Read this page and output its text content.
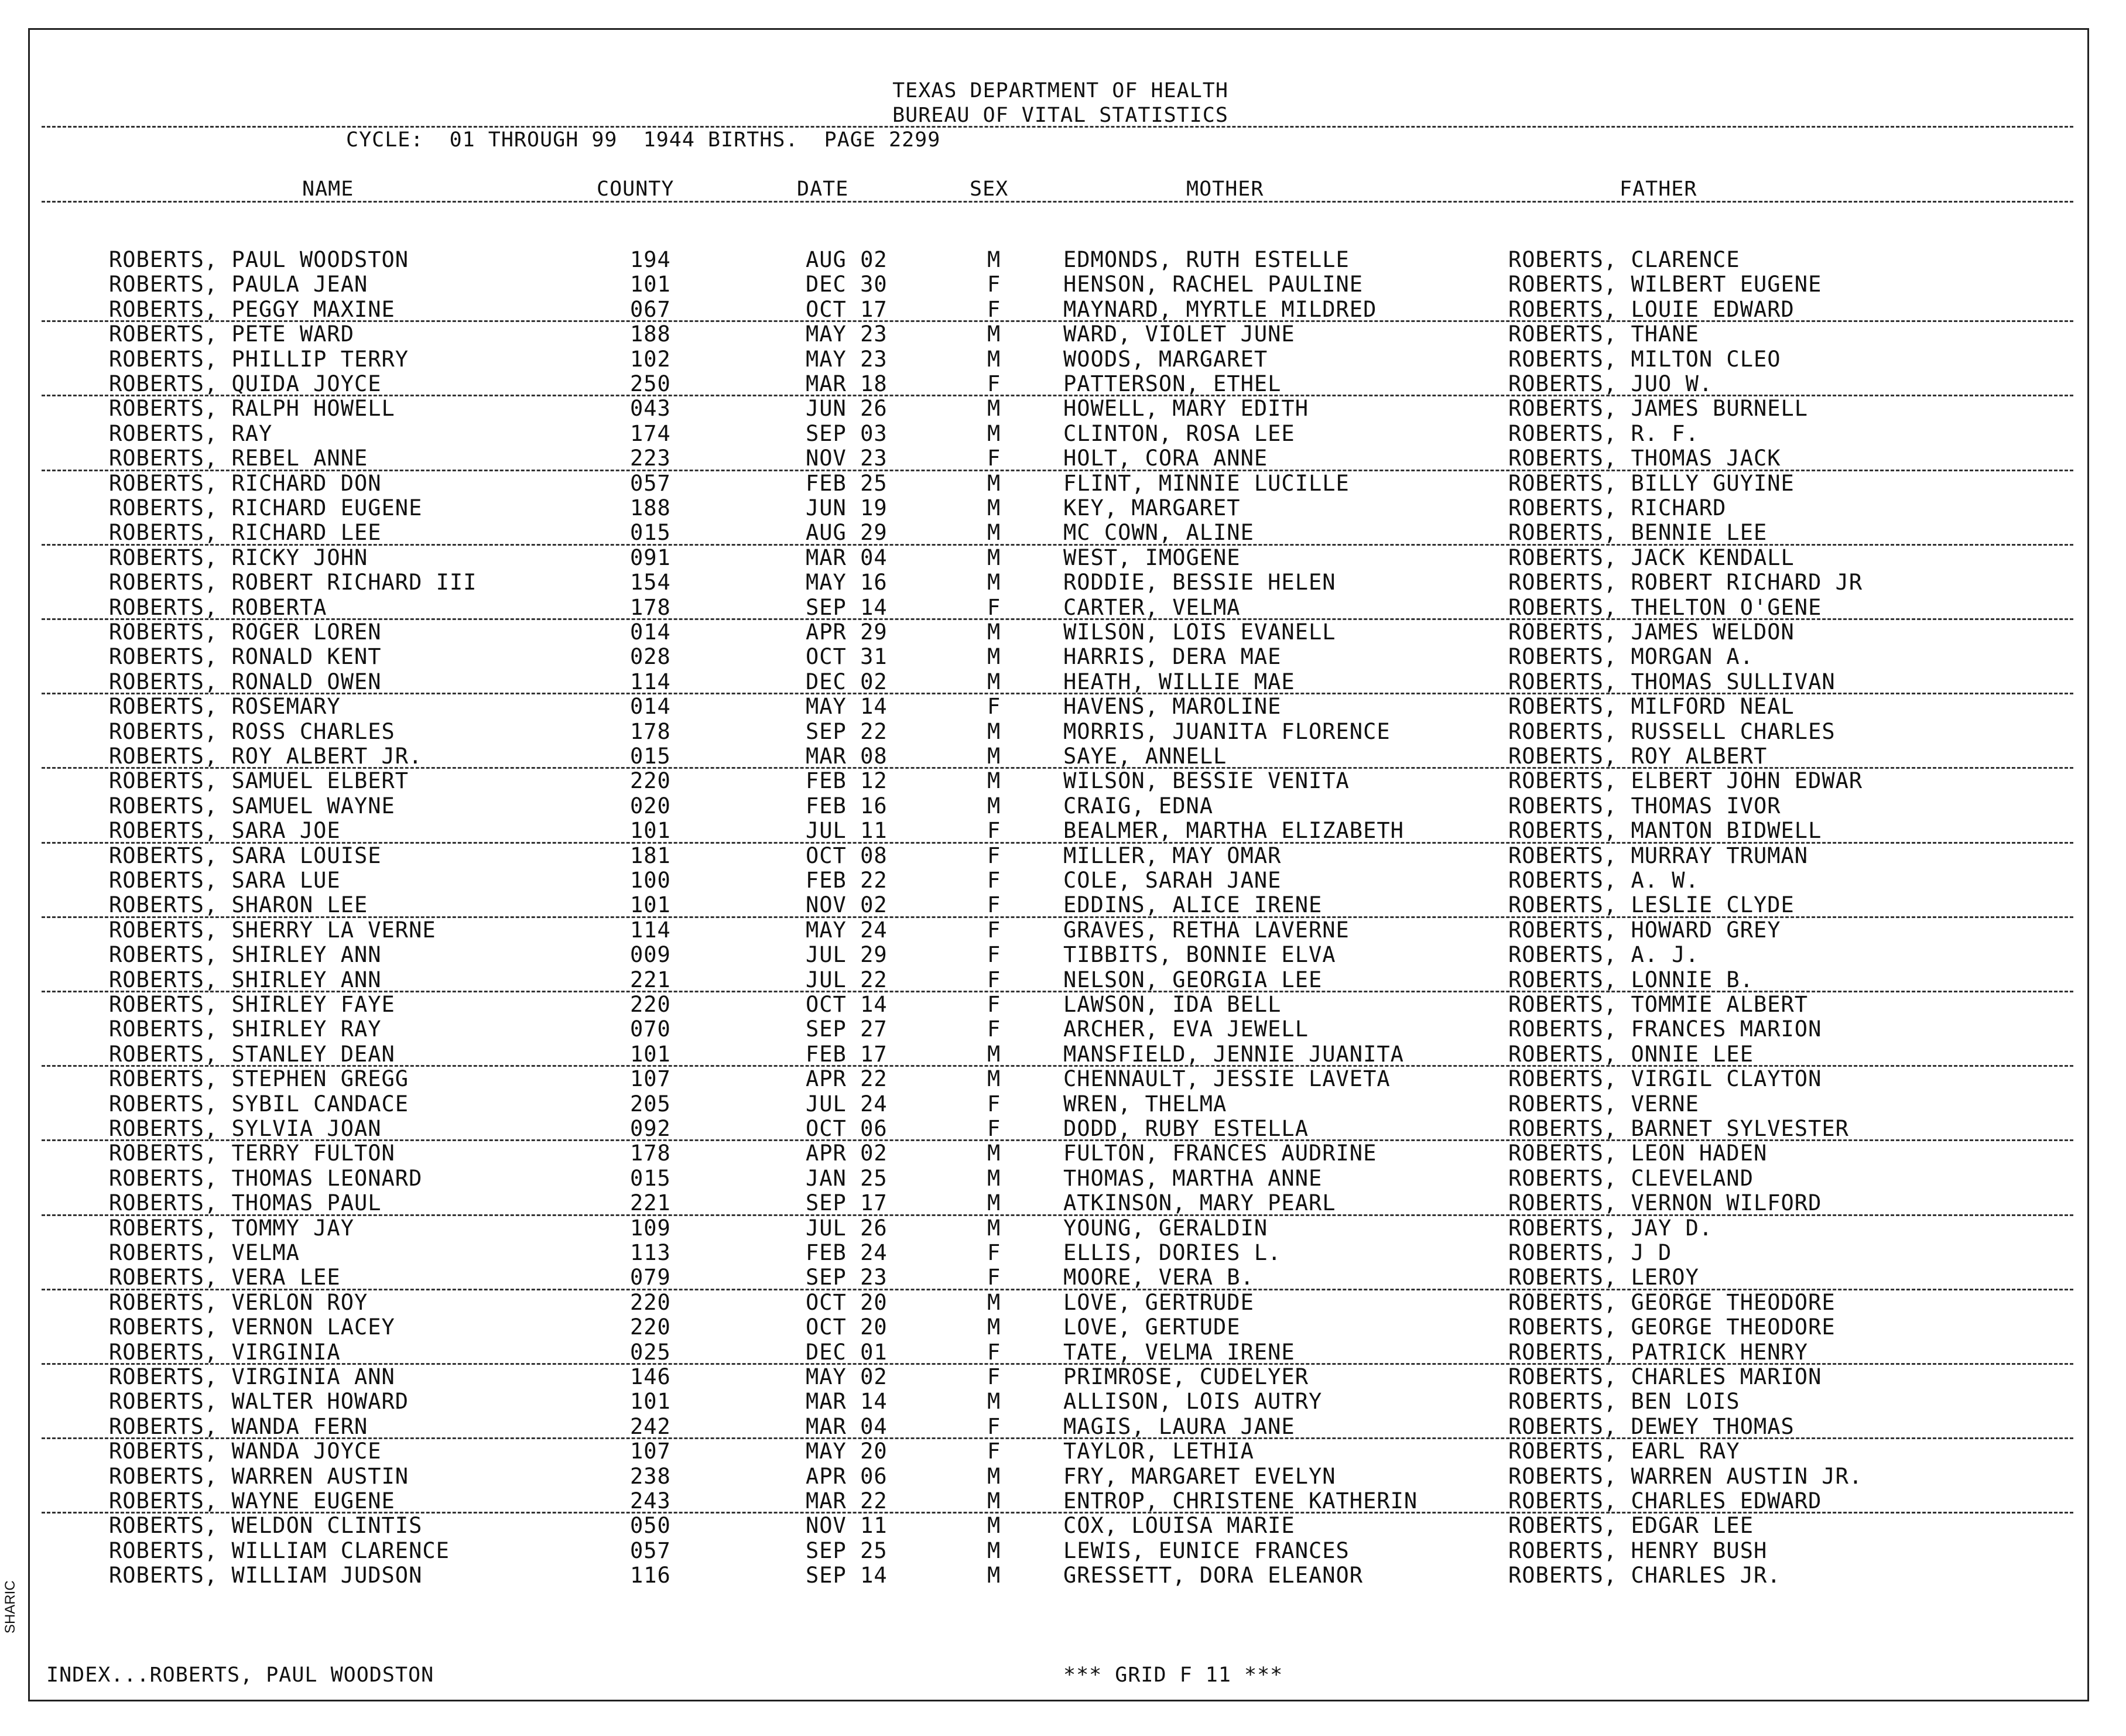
TEXAS DEPARTMENT OF HEALTH
BUREAU OF VITAL STATISTICS
CYCLE:  01 THROUGH 99  1944 BIRTHS.  PAGE 2299
NAME	COUNTY	DATE	SEX	MOTHER	FATHER
ROBERTS, PAUL WOODSTON	194	AUG 02	M	EDMONDS, RUTH ESTELLE	ROBERTS, CLARENCE
ROBERTS, PAULA JEAN	101	DEC 30	F	HENSON, RACHEL PAULINE	ROBERTS, WILBERT EUGENE
ROBERTS, PEGGY MAXINE	067	OCT 17	F	MAYNARD, MYRTLE MILDRED	ROBERTS, LOUIE EDWARD
ROBERTS, PETE WARD	188	MAY 23	M	WARD, VIOLET JUNE	ROBERTS, THANE
ROBERTS, PHILLIP TERRY	102	MAY 23	M	WOODS, MARGARET	ROBERTS, MILTON CLEO
ROBERTS, QUIDA JOYCE	250	MAR 18	F	PATTERSON, ETHEL	ROBERTS, JUO W.
ROBERTS, RALPH HOWELL	043	JUN 26	M	HOWELL, MARY EDITH	ROBERTS, JAMES BURNELL
ROBERTS, RAY	174	SEP 03	M	CLINTON, ROSA LEE	ROBERTS, R. F.
ROBERTS, REBEL ANNE	223	NOV 23	F	HOLT, CORA ANNE	ROBERTS, THOMAS JACK
ROBERTS, RICHARD DON	057	FEB 25	M	FLINT, MINNIE LUCILLE	ROBERTS, BILLY GUYINE
ROBERTS, RICHARD EUGENE	188	JUN 19	M	KEY, MARGARET	ROBERTS, RICHARD
ROBERTS, RICHARD LEE	015	AUG 29	M	MC COWN, ALINE	ROBERTS, BENNIE LEE
ROBERTS, RICKY JOHN	091	MAR 04	M	WEST, IMOGENE	ROBERTS, JACK KENDALL
ROBERTS, ROBERT RICHARD III	154	MAY 16	M	RODDIE, BESSIE HELEN	ROBERTS, ROBERT RICHARD JR
ROBERTS, ROBERTA	178	SEP 14	F	CARTER, VELMA	ROBERTS, THELTON O'GENE
ROBERTS, ROGER LOREN	014	APR 29	M	WILSON, LOIS EVANELL	ROBERTS, JAMES WELDON
ROBERTS, RONALD KENT	028	OCT 31	M	HARRIS, DERA MAE	ROBERTS, MORGAN A.
ROBERTS, RONALD OWEN	114	DEC 02	M	HEATH, WILLIE MAE	ROBERTS, THOMAS SULLIVAN
ROBERTS, ROSEMARY	014	MAY 14	F	HAVENS, MAROLINE	ROBERTS, MILFORD NEAL
ROBERTS, ROSS CHARLES	178	SEP 22	M	MORRIS, JUANITA FLORENCE	ROBERTS, RUSSELL CHARLES
ROBERTS, ROY ALBERT JR.	015	MAR 08	M	SAYE, ANNELL	ROBERTS, ROY ALBERT
ROBERTS, SAMUEL ELBERT	220	FEB 12	M	WILSON, BESSIE VENITA	ROBERTS, ELBERT JOHN EDWAR
ROBERTS, SAMUEL WAYNE	020	FEB 16	M	CRAIG, EDNA	ROBERTS, THOMAS IVOR
ROBERTS, SARA JOE	101	JUL 11	F	BEALMER, MARTHA ELIZABETH	ROBERTS, MANTON BIDWELL
ROBERTS, SARA LOUISE	181	OCT 08	F	MILLER, MAY OMAR	ROBERTS, MURRAY TRUMAN
ROBERTS, SARA LUE	100	FEB 22	F	COLE, SARAH JANE	ROBERTS, A. W.
ROBERTS, SHARON LEE	101	NOV 02	F	EDDINS, ALICE IRENE	ROBERTS, LESLIE CLYDE
ROBERTS, SHERRY LA VERNE	114	MAY 24	F	GRAVES, RETHA LAVERNE	ROBERTS, HOWARD GREY
ROBERTS, SHIRLEY ANN	009	JUL 29	F	TIBBITS, BONNIE ELVA	ROBERTS, A. J.
ROBERTS, SHIRLEY ANN	221	JUL 22	F	NELSON, GEORGIA LEE	ROBERTS, LONNIE B.
ROBERTS, SHIRLEY FAYE	220	OCT 14	F	LAWSON, IDA BELL	ROBERTS, TOMMIE ALBERT
ROBERTS, SHIRLEY RAY	070	SEP 27	F	ARCHER, EVA JEWELL	ROBERTS, FRANCES MARION
ROBERTS, STANLEY DEAN	101	FEB 17	M	MANSFIELD, JENNIE JUANITA	ROBERTS, ONNIE LEE
ROBERTS, STEPHEN GREGG	107	APR 22	M	CHENNAULT, JESSIE LAVETA	ROBERTS, VIRGIL CLAYTON
ROBERTS, SYBIL CANDACE	205	JUL 24	F	WREN, THELMA	ROBERTS, VERNE
ROBERTS, SYLVIA JOAN	092	OCT 06	F	DODD, RUBY ESTELLA	ROBERTS, BARNET SYLVESTER
ROBERTS, TERRY FULTON	178	APR 02	M	FULTON, FRANCES AUDRINE	ROBERTS, LEON HADEN
ROBERTS, THOMAS LEONARD	015	JAN 25	M	THOMAS, MARTHA ANNE	ROBERTS, CLEVELAND
ROBERTS, THOMAS PAUL	221	SEP 17	M	ATKINSON, MARY PEARL	ROBERTS, VERNON WILFORD
ROBERTS, TOMMY JAY	109	JUL 26	M	YOUNG, GERALDIN	ROBERTS, JAY D.
ROBERTS, VELMA	113	FEB 24	F	ELLIS, DORIES L.	ROBERTS, J D
ROBERTS, VERA LEE	079	SEP 23	F	MOORE, VERA B.	ROBERTS, LEROY
ROBERTS, VERLON ROY	220	OCT 20	M	LOVE, GERTRUDE	ROBERTS, GEORGE THEODORE
ROBERTS, VERNON LACEY	220	OCT 20	M	LOVE, GERTUDE	ROBERTS, GEORGE THEODORE
ROBERTS, VIRGINIA	025	DEC 01	F	TATE, VELMA IRENE	ROBERTS, PATRICK HENRY
ROBERTS, VIRGINIA ANN	146	MAY 02	F	PRIMROSE, CUDELYER	ROBERTS, CHARLES MARION
ROBERTS, WALTER HOWARD	101	MAR 14	M	ALLISON, LOIS AUTRY	ROBERTS, BEN LOIS
ROBERTS, WANDA FERN	242	MAR 04	F	MAGIS, LAURA JANE	ROBERTS, DEWEY THOMAS
ROBERTS, WANDA JOYCE	107	MAY 20	F	TAYLOR, LETHIA	ROBERTS, EARL RAY
ROBERTS, WARREN AUSTIN	238	APR 06	M	FRY, MARGARET EVELYN	ROBERTS, WARREN AUSTIN JR.
ROBERTS, WAYNE EUGENE	243	MAR 22	M	ENTROP, CHRISTENE KATHERIN	ROBERTS, CHARLES EDWARD
ROBERTS, WELDON CLINTIS	050	NOV 11	M	COX, LOUISA MARIE	ROBERTS, EDGAR LEE
ROBERTS, WILLIAM CLARENCE	057	SEP 25	M	LEWIS, EUNICE FRANCES	ROBERTS, HENRY BUSH
ROBERTS, WILLIAM JUDSON	116	SEP 14	M	GRESSETT, DORA ELEANOR	ROBERTS, CHARLES JR.
INDEX...ROBERTS, PAUL WOODSTON	*** GRID F 11 ***
SHARIC
